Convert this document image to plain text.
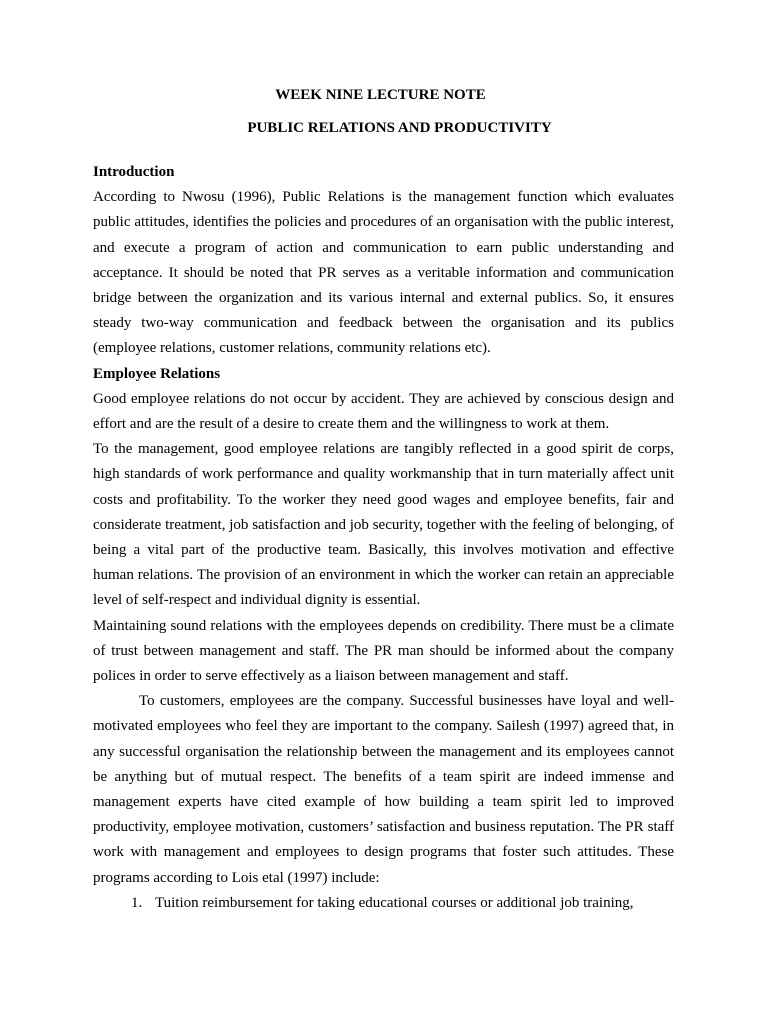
WEEK NINE LECTURE NOTE
PUBLIC RELATIONS AND PRODUCTIVITY
Introduction

According to Nwosu (1996), Public Relations is the management function which evaluates public attitudes, identifies the policies and procedures of an organisation with the public interest, and execute a program of action and communication to earn public understanding and acceptance. It should be noted that PR serves as a veritable information and communication bridge between the organization and its various internal and external publics. So, it ensures steady two-way communication and feedback between the organisation and its publics (employee relations, customer relations, community relations etc).

Employee Relations

Good employee relations do not occur by accident. They are achieved by conscious design and effort and are the result of a desire to create them and the willingness to work at them.

To the management, good employee relations are tangibly reflected in a good spirit de corps, high standards of work performance and quality workmanship that in turn materially affect unit costs and profitability. To the worker they need good wages and employee benefits, fair and considerate treatment, job satisfaction and job security, together with the feeling of belonging, of being a vital part of the productive team. Basically, this involves motivation and effective human relations. The provision of an environment in which the worker can retain an appreciable level of self-respect and individual dignity is essential.

Maintaining sound relations with the employees depends on credibility. There must be a climate of trust between management and staff. The PR man should be informed about the company polices in order to serve effectively as a liaison between management and staff.

To customers, employees are the company. Successful businesses have loyal and well-motivated employees who feel they are important to the company. Sailesh (1997) agreed that, in any successful organisation the relationship between the management and its employees cannot be anything but of mutual respect. The benefits of a team spirit are indeed immense and management experts have cited example of how building a team spirit led to improved productivity, employee motivation, customers’ satisfaction and business reputation. The PR staff work with management and employees to design programs that foster such attitudes. These programs according to Lois etal (1997) include:

1. Tuition reimbursement for taking educational courses or additional job training,
